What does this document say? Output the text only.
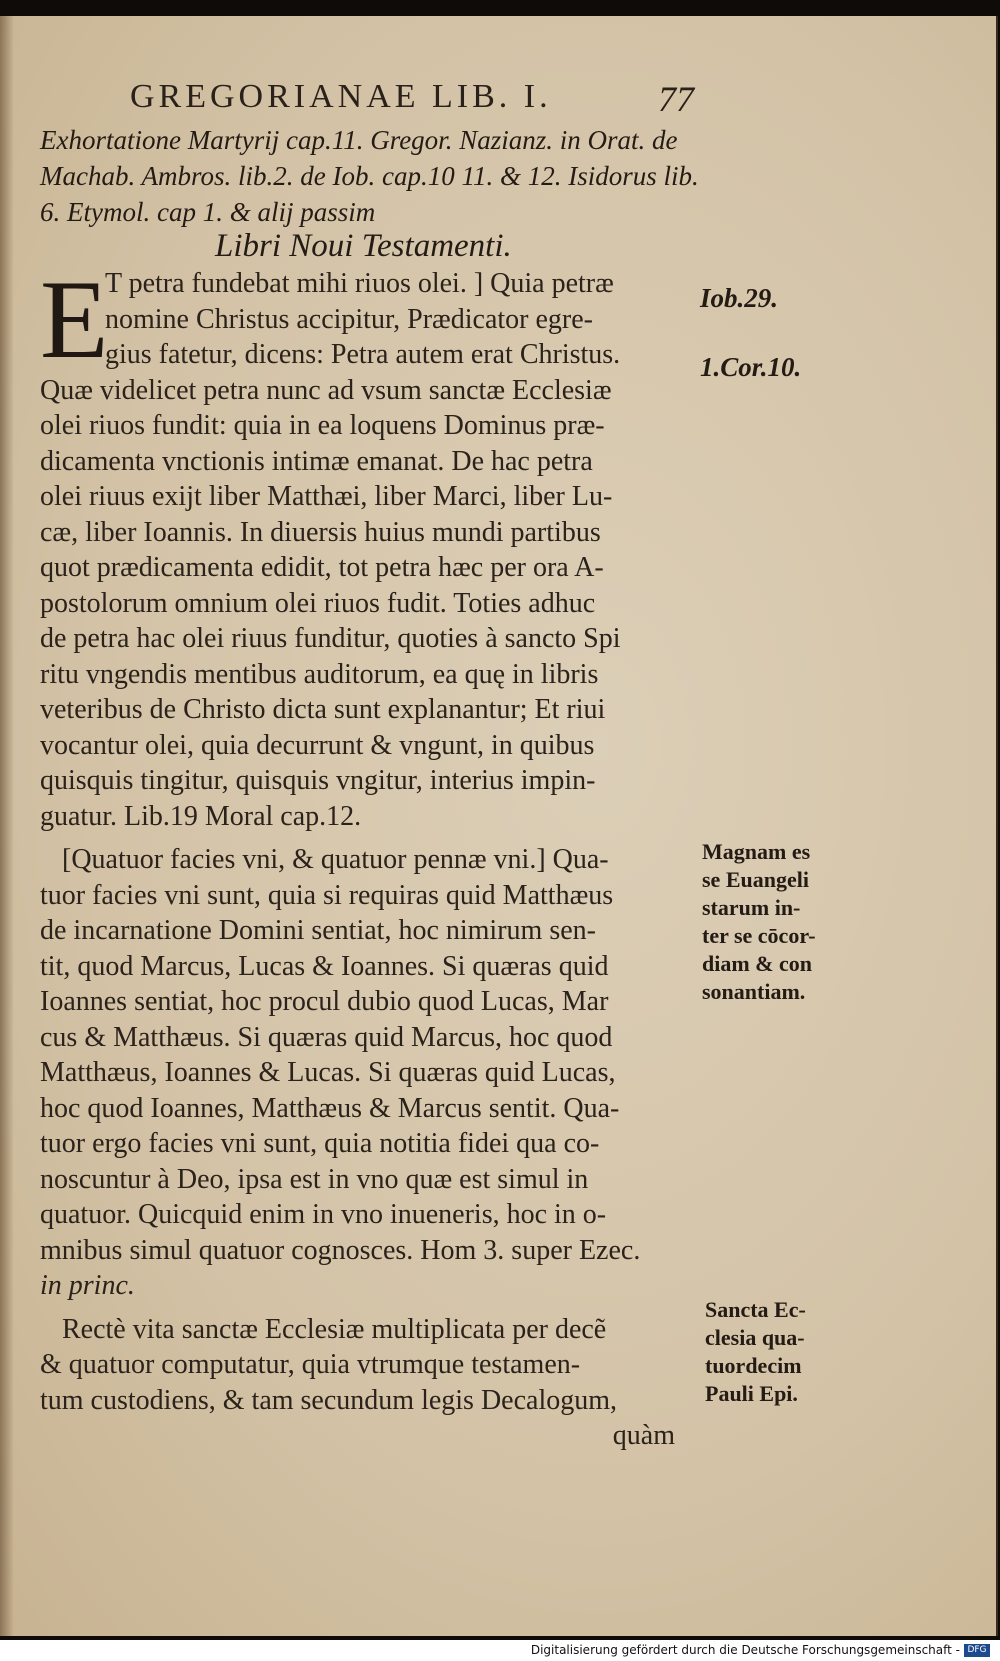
GREGORIANAE LIB. I.	77
Exhortatione Martyrij cap.11. Gregor. Nazianz. in Orat. de
Machab. Ambros. lib.2. de Iob. cap.10 11. & 12. Isidorus lib.
6. Etymol. cap 1. & alij passim
Libri Noui Testamenti.
E
T petra fundebat mihi riuos olei. ] Quia petræ
nomine Christus accipitur, Prædicator egre-
gius fatetur, dicens: Petra autem erat Christus.
Quæ videlicet petra nunc ad vsum sanctæ Ecclesiæ
olei riuos fundit: quia in ea loquens Dominus præ-
dicamenta vnctionis intimæ emanat. De hac petra
olei riuus exijt liber Matthæi, liber Marci, liber Lu-
cæ, liber Ioannis. In diuersis huius mundi partibus
quot prædicamenta edidit, tot petra hæc per ora A-
postolorum omnium olei riuos fudit. Toties adhuc
de petra hac olei riuus funditur, quoties à sancto Spi
ritu vngendis mentibus auditorum, ea quę in libris
veteribus de Christo dicta sunt explanantur; Et riui
vocantur olei, quia decurrunt & vngunt, in quibus
quisquis tingitur, quisquis vngitur, interius impin-
guatur. Lib.19 Moral cap.12.
[Quatuor facies vni, & quatuor pennæ vni.] Qua-
tuor facies vni sunt, quia si requiras quid Matthæus
de incarnatione Domini sentiat, hoc nimirum sen-
tit, quod Marcus, Lucas & Ioannes. Si quæras quid
Ioannes sentiat, hoc procul dubio quod Lucas, Mar
cus & Matthæus. Si quæras quid Marcus, hoc quod
Matthæus, Ioannes & Lucas. Si quæras quid Lucas,
hoc quod Ioannes, Matthæus & Marcus sentit. Qua-
tuor ergo facies vni sunt, quia notitia fidei qua co-
noscuntur à Deo, ipsa est in vno quæ est simul in
quatuor. Quicquid enim in vno inueneris, hoc in o-
mnibus simul quatuor cognosces. Hom 3. super Ezec.
in princ.
Rectè vita sanctæ Ecclesiæ multiplicata per decẽ
& quatuor computatur, quia vtrumque testamen-
tum custodiens, & tam secundum legis Decalogum,
quàm
Iob.29.
1.Cor.10.
Magnam es
se Euangeli
starum in-
ter se cōcor-
diam & con
sonantiam.
Sancta Ec-
clesia qua-
tuordecim
Pauli Epi.
Digitalisierung gefördert durch die Deutsche Forschungsgemeinschaft - DFG
